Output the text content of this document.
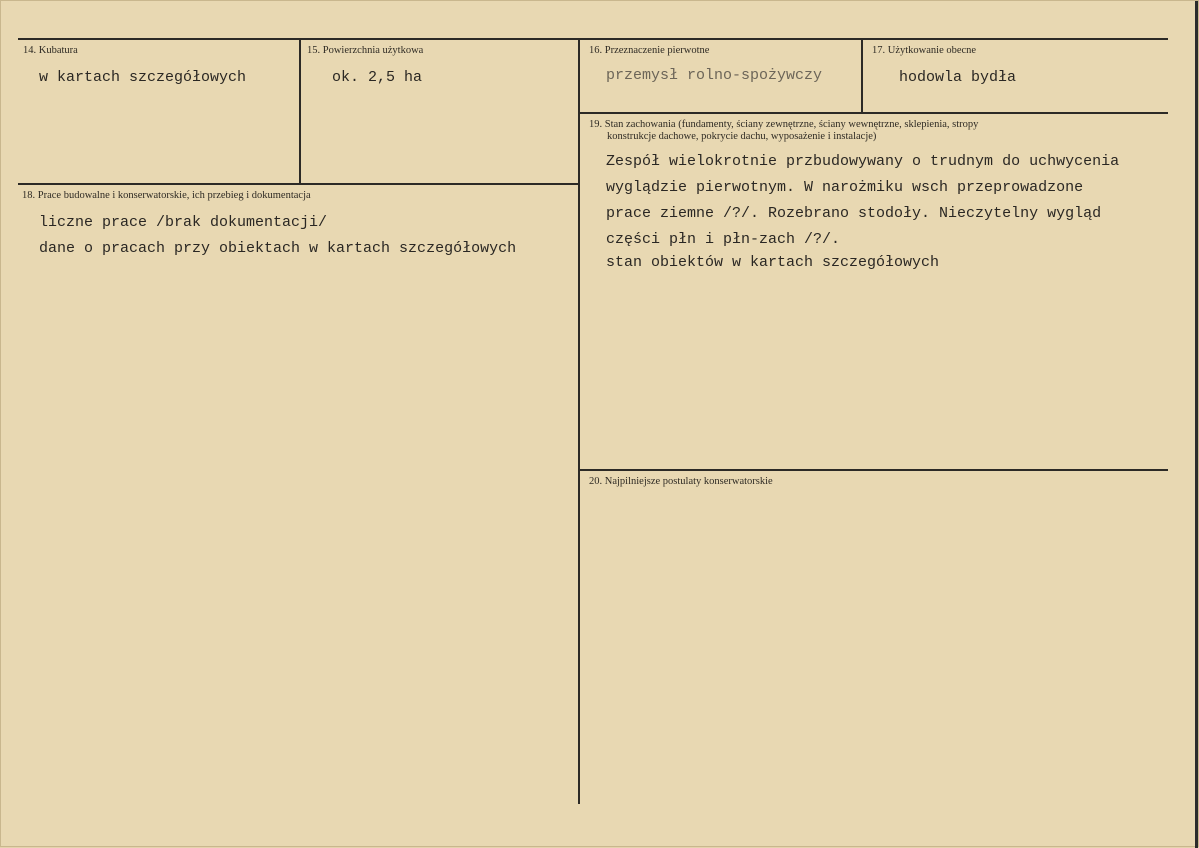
14. Kubatura
w kartach szczegółowych
15. Powierzchnia użytkowa
ok. 2,5 ha
16. Przeznaczenie pierwotne
przemysł rolno-spożywczy
17. Użytkowanie obecne
hodowla bydła
18. Prace budowalne i konserwatorskie, ich przebieg i dokumentacja
liczne prace /brak dokumentacji/
dane o pracach przy obiektach w kartach szczegółowych
19. Stan zachowania (fundamenty, ściany zewnętrzne, ściany wewnętrzne, sklepienia, stropy
konstrukcje dachowe, pokrycie dachu, wyposażenie i instalacje)
Zespół wielokrotnie przbudowywany o trudnym do uchwycenia
wyglądzie pierwotnym. W narożmiku wsch przeprowadzone
prace ziemne /?/. Rozebrano stodoły. Nieczytelny wygląd
części płn i płn-zach /?/.
stan obiektów w kartach szczegółowych
20. Najpilniejsze postulaty konserwatorskie
